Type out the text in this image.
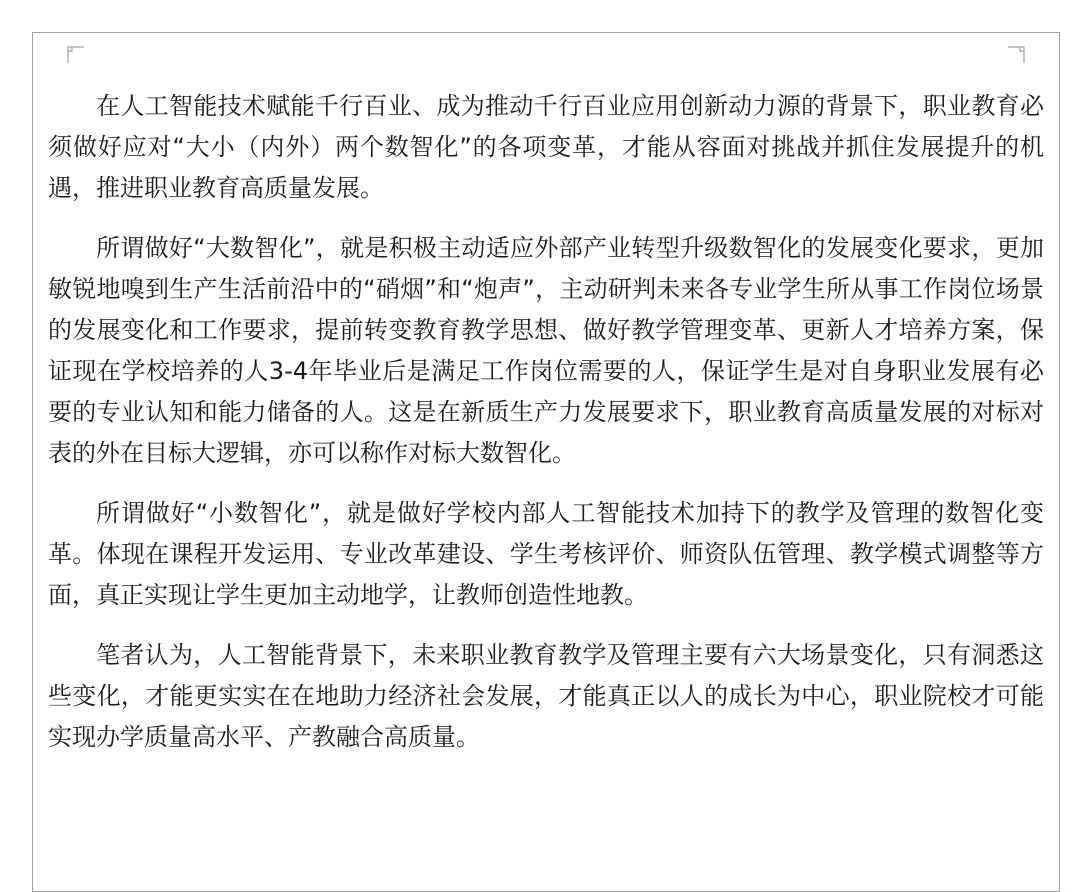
在人工智能技术赋能千行百业、成为推动千行百业应用创新动力源的背景下，职业教育必须做好应对“大小（内外）两个数智化”的各项变革，才能从容面对挑战并抓住发展提升的机遇，推进职业教育高质量发展。

所谓做好“大数智化”，就是积极主动适应外部产业转型升级数智化的发展变化要求，更加敏锐地嗅到生产生活前沿中的“硝烟”和“炮声”，主动研判未来各专业学生所从事工作岗位场景的发展变化和工作要求，提前转变教育教学思想、做好教学管理变革、更新人才培养方案，保证现在学校培养的人3-4年毕业后是满足工作岗位需要的人，保证学生是对自身职业发展有必要的专业认知和能力储备的人。这是在新质生产力发展要求下，职业教育高质量发展的对标对表的外在目标大逻辑，亦可以称作对标大数智化。

所谓做好“小数智化”，就是做好学校内部人工智能技术加持下的教学及管理的数智化变革。体现在课程开发运用、专业改革建设、学生考核评价、师资队伍管理、教学模式调整等方面，真正实现让学生更加主动地学，让教师创造性地教。

笔者认为，人工智能背景下，未来职业教育教学及管理主要有六大场景变化，只有洞悉这些变化，才能更实实在在地助力经济社会发展，才能真正以人的成长为中心，职业院校才可能实现办学质量高水平、产教融合高质量。
